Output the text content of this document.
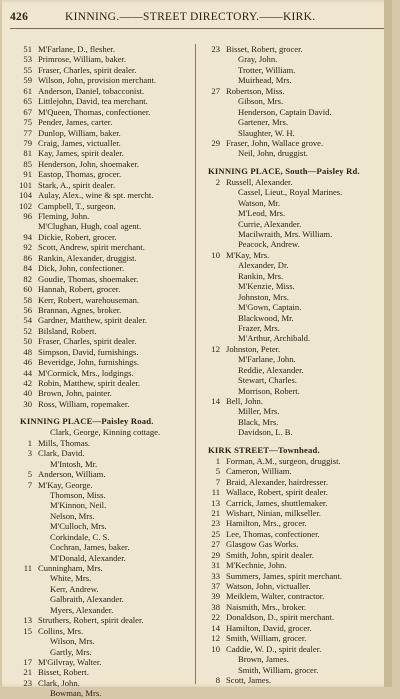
426	KINNING.——STREET DIRECTORY.——KIRK.
51 M'Farlane, D., flesher.
53 Primrose, William, baker.
55 Fraser, Charles, spirit dealer.
59 Wilson, John, provision merchant.
61 Anderson, Daniel, tobacconist.
65 Littlejohn, David, tea merchant.
67 M'Queen, Thomas, confectioner.
75 Pender, James, carter.
77 Dunlop, William, baker.
79 Craig, James, victualler.
81 Kay, James, spirit dealer.
85 Henderson, John, shoemaker.
91 Eastop, Thomas, grocer.
101 Stark, A., spirit dealer.
104 Aulay, Alex., wine & spt. mercht.
102 Campbell, T., surgeon.
96 Fleming, John.
M'Clughan, Hugh, coal agent.
94 Dickie, Robert, grocer.
92 Scott, Andrew, spirit merchant.
86 Rankin, Alexander, druggist.
84 Dick, John, confectioner.
82 Goudie, Thomas, shoemaker.
60 Hannah, Robert, grocer.
58 Kerr, Robert, warehouseman.
56 Brannan, Agnes, broker.
54 Gardner, Matthew, spirit dealer.
52 Bilsland, Robert.
50 Fraser, Charles, spirit dealer.
48 Simpson, David, furnishings.
46 Beveridge, John, furnishings.
44 M'Cormick, Mrs., lodgings.
42 Robin, Matthew, spirit dealer.
40 Brown, John, painter.
30 Ross, William, ropemaker.
KINNING PLACE—Paisley Road.
Clark, George, Kinning cottage.
1 Mills, Thomas.
3 Clark, David.
M'Intosh, Mr.
5 Anderson, William.
7 M'Kay, George.
Thomson, Miss.
M'Kinnon, Neil.
Nelson, Mrs.
M'Culloch, Mrs.
Corkindale, C. S.
Cochran, James, baker.
M'Donald, Alexander.
11 Cunningham, Mrs.
White, Mrs.
Kerr, Andrew.
Galbraith, Alexander.
Myers, Alexander.
13 Struthers, Robert, spirit dealer.
15 Collins, Mrs.
Wilson, Mrs.
Gartly, Mrs.
17 M'Gilvray, Walter.
21 Bisset, Robert.
23 Clark, John.
Bowman, Mrs.
23 Bisset, Robert, grocer.
Gray, John.
Trotter, William.
Muirhead, Mrs.
27 Robertson, Miss.
Gibson, Mrs.
Henderson, Captain David.
Gartener, Mrs.
Slaughter, W. H.
29 Fraser, John, Wallace grove.
Neil, John, druggist.
KINNING PLACE, South—Paisley Rd.
2 Russell, Alexander.
Cassel, Lieut., Royal Marines.
Watson, Mr.
M'Leod, Mrs.
Currie, Alexander.
Macilwraith, Mrs. William.
Peacock, Andrew.
10 M'Kay, Mrs.
Alexander, Dr.
Rankin, Mrs.
M'Kenzie, Miss.
Johnston, Mrs.
M'Gown, Captain.
Blackwood, Mr.
Frazer, Mrs.
M'Arthur, Archibald.
12 Johnston, Peter.
M'Farlane, John.
Reddie, Alexander.
Stewart, Charles.
Morrison, Robert.
14 Bell, John.
Miller, Mrs.
Black, Mrs.
Davidson, L. B.
KIRK STREET—Townhead.
1 Forman, A.M., surgeon, druggist.
5 Cameron, William.
7 Braid, Alexander, hairdresser.
11 Wallace, Robert, spirit dealer.
13 Carrick, James, shuttlemaker.
21 Wishart, Ninian, milkseller.
23 Hamilton, Mrs., grocer.
25 Lee, Thomas, confectioner.
27 Glasgow Gas Works.
29 Smith, John, spirit dealer.
31 M'Kechnie, John.
33 Summers, James, spirit merchant.
37 Watson, John, victualler.
39 Meiklem, Walter, contractor.
38 Naismith, Mrs., broker.
22 Donaldson, D., spirit merchant.
14 Hamilton, David, grocer.
12 Smith, William, grocer.
10 Caddie, W. D., spirit dealer.
Brown, James.
Smith, William, grocer.
8 Scott, James.
